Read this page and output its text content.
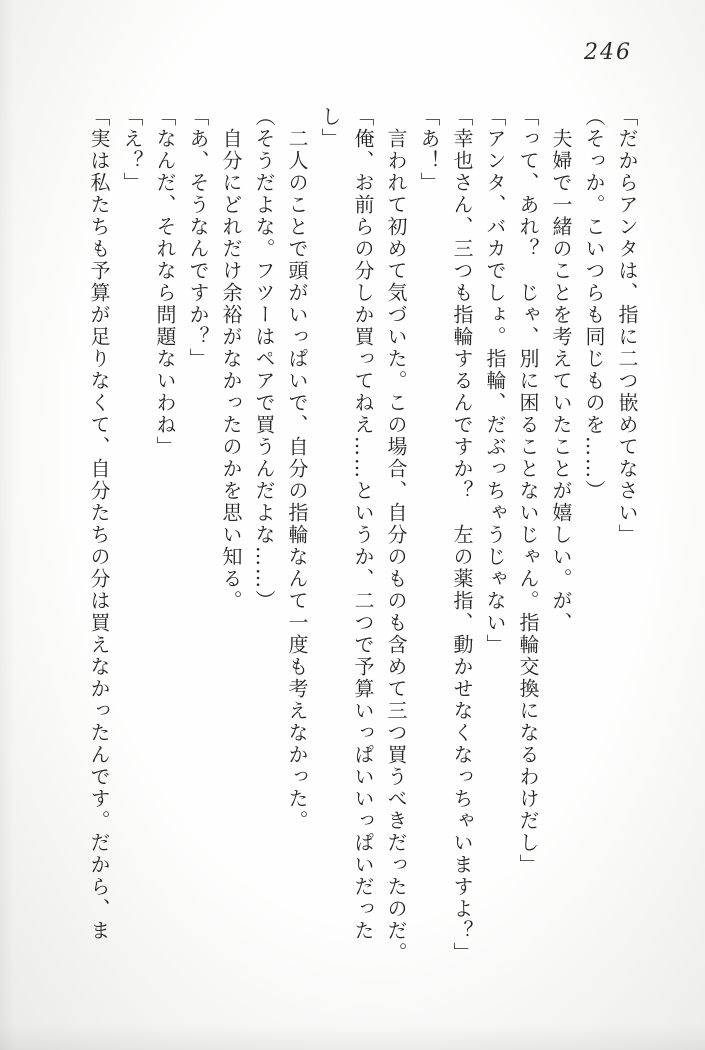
246
「だからアンタは、指に二つ嵌めてなさい」
（そっか。こいつらも同じものを……）
　夫婦で一緒のことを考えていたことが嬉しい。が、
「って、あれ？　じゃ、別に困ることないじゃん。指輪交換になるわけだし」
「アンタ、バカでしょ。指輪、だぶっちゃうじゃない」
「幸也さん、三つも指輪するんですか？　左の薬指、動かせなくなっちゃいますよ？」
「あ！」
　言われて初めて気づいた。この場合、自分のものも含めて三つ買うべきだったのだ。
「俺、お前らの分しか買ってねえ……というか、二つで予算いっぱいいっぱいだった
し」
　二人のことで頭がいっぱいで、自分の指輪なんて一度も考えなかった。
（そうだよな。フツーはペアで買うんだよな……）
　自分にどれだけ余裕がなかったのかを思い知る。
「あ、そうなんですか？」
「なんだ、それなら問題ないわね」
「え？」
「実は私たちも予算が足りなくて、自分たちの分は買えなかったんです。だから、ま
